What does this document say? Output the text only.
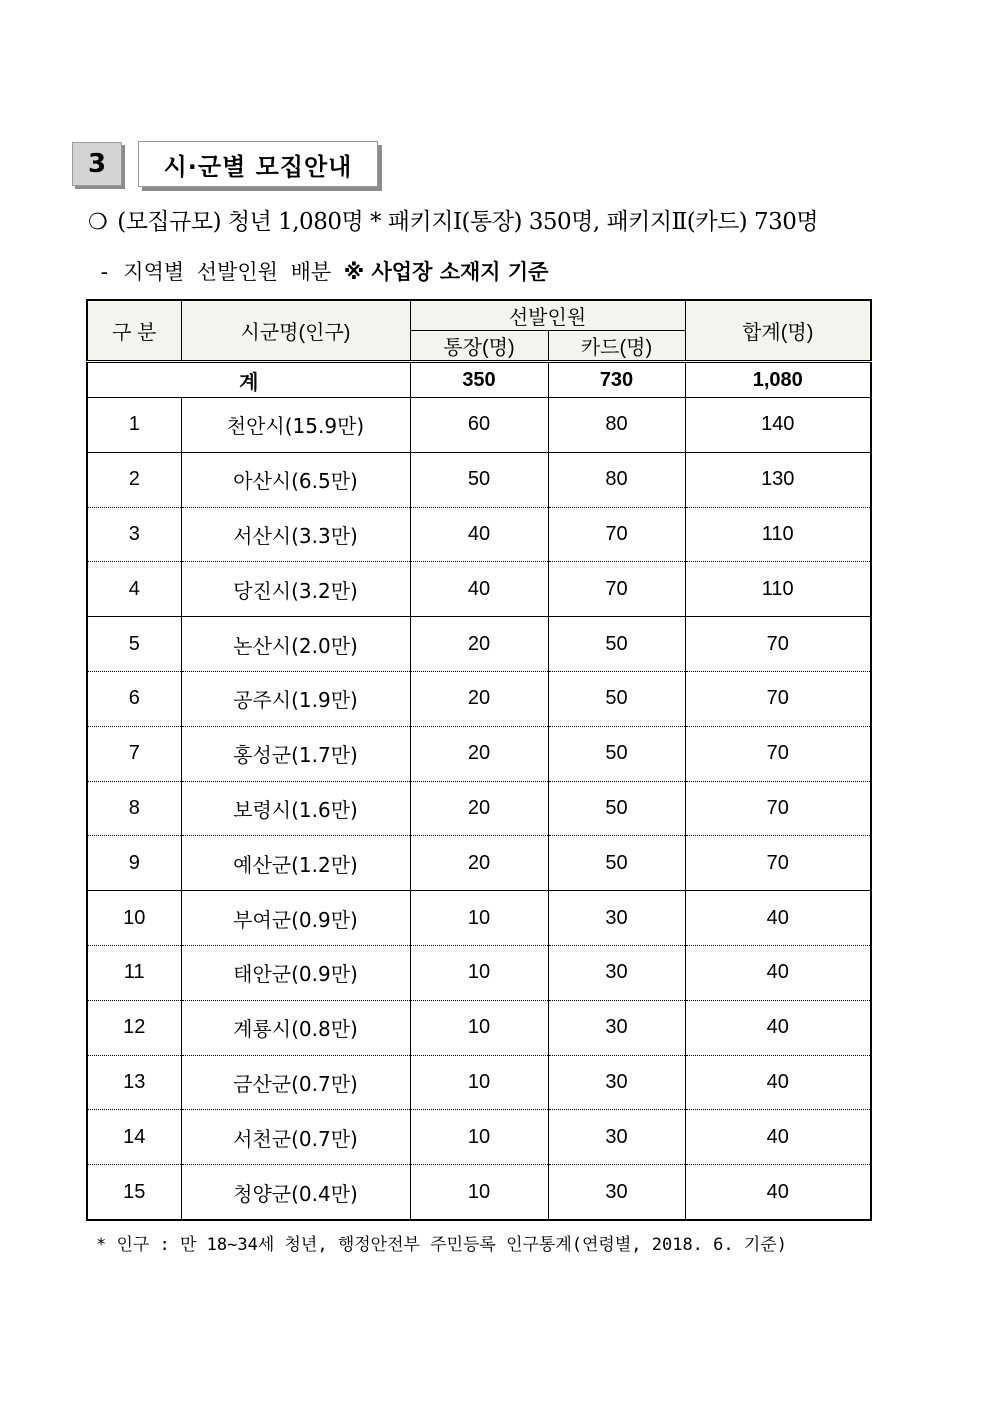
3 시·군별 모집안내
❍ (모집규모) 청년 1,080명 * 패키지Ⅰ(통장) 350명, 패키지Ⅱ(카드) 730명
- 지역별 선발인원 배분 ※ 사업장 소재지 기준
구 분	시군명(인구)	선발인원		합계(명)
		통장(명)	카드(명)	
계		350	730	1,080
1	천안시(15.9만)	60	80	140
2	아산시(6.5만)	50	80	130
3	서산시(3.3만)	40	70	110
4	당진시(3.2만)	40	70	110
5	논산시(2.0만)	20	50	70
6	공주시(1.9만)	20	50	70
7	홍성군(1.7만)	20	50	70
8	보령시(1.6만)	20	50	70
9	예산군(1.2만)	20	50	70
10	부여군(0.9만)	10	30	40
11	태안군(0.9만)	10	30	40
12	계룡시(0.8만)	10	30	40
13	금산군(0.7만)	10	30	40
14	서천군(0.7만)	10	30	40
15	청양군(0.4만)	10	30	40
* 인구 : 만 18~34세 청년, 행정안전부 주민등록 인구통계(연령별, 2018. 6. 기준)
